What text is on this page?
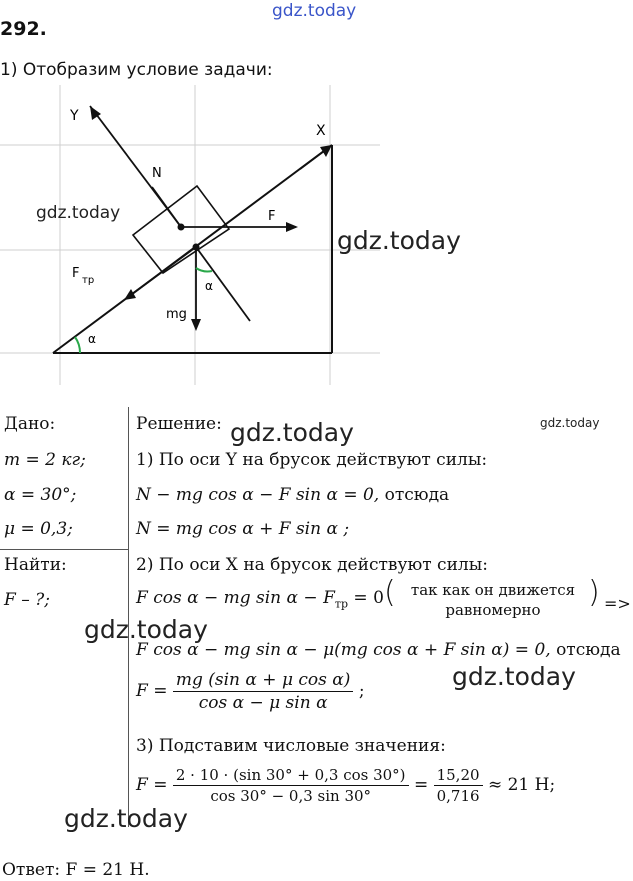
gdz.today
292.
1) Отобразим условие задачи:
Y
X
N
F
F тр
mg
α
α
gdz.today
gdz.today
Дано:
m = 2 кг;
α = 30°;
μ = 0,3;
Найти:
F – ?;
Решение: gdz.today	gdz.today
1) По оси Y на брусок действуют силы:
N − mg cos α − F sin α = 0, отсюда
N = mg cos α + F sin α ;
2) По оси X на брусок действуют силы:
F cos α − mg $\sin \alpha - F_{тр} = 0$ (	так как он движется
равномерно	) =>
gdz.today
F cos α − mg sin α − μ(mg cos α + F sin α) = 0, отсюда
gdz.today
$F = \frac{\text{mg (sin α + μ cos α)}}{\text{cos α − μ sin α}}$ ;
3) Подставим числовые значения:
$F = \frac{2 \cdot 10 \cdot (\sin 30^\circ + 0,3 \cos 30^\circ)}{\cos 30^\circ - 0,3 \sin 30^\circ} = \frac{15,20}{0,716} \approx 21$ Н;
gdz.today
Ответ: F = 21 Н.
